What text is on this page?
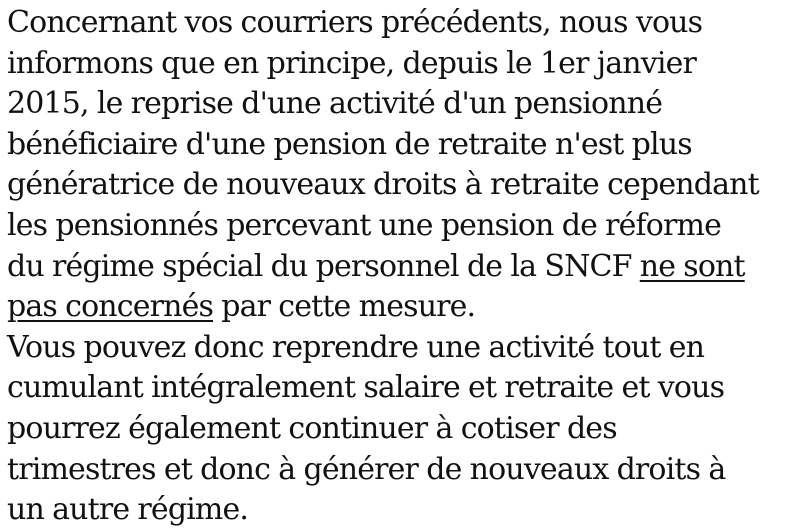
Concernant vos courriers précédents, nous vous
informons que en principe, depuis le 1er janvier
2015, le reprise d'une activité d'un pensionné
bénéficiaire d'une pension de retraite n'est plus
génératrice de nouveaux droits à retraite cependant
les pensionnés percevant une pension de réforme
du régime spécial du personnel de la SNCF ne sont
pas concernés par cette mesure.

Vous pouvez donc reprendre une activité tout en
cumulant intégralement salaire et retraite et vous
pourrez également continuer à cotiser des
trimestres et donc à générer de nouveaux droits à
un autre régime.
